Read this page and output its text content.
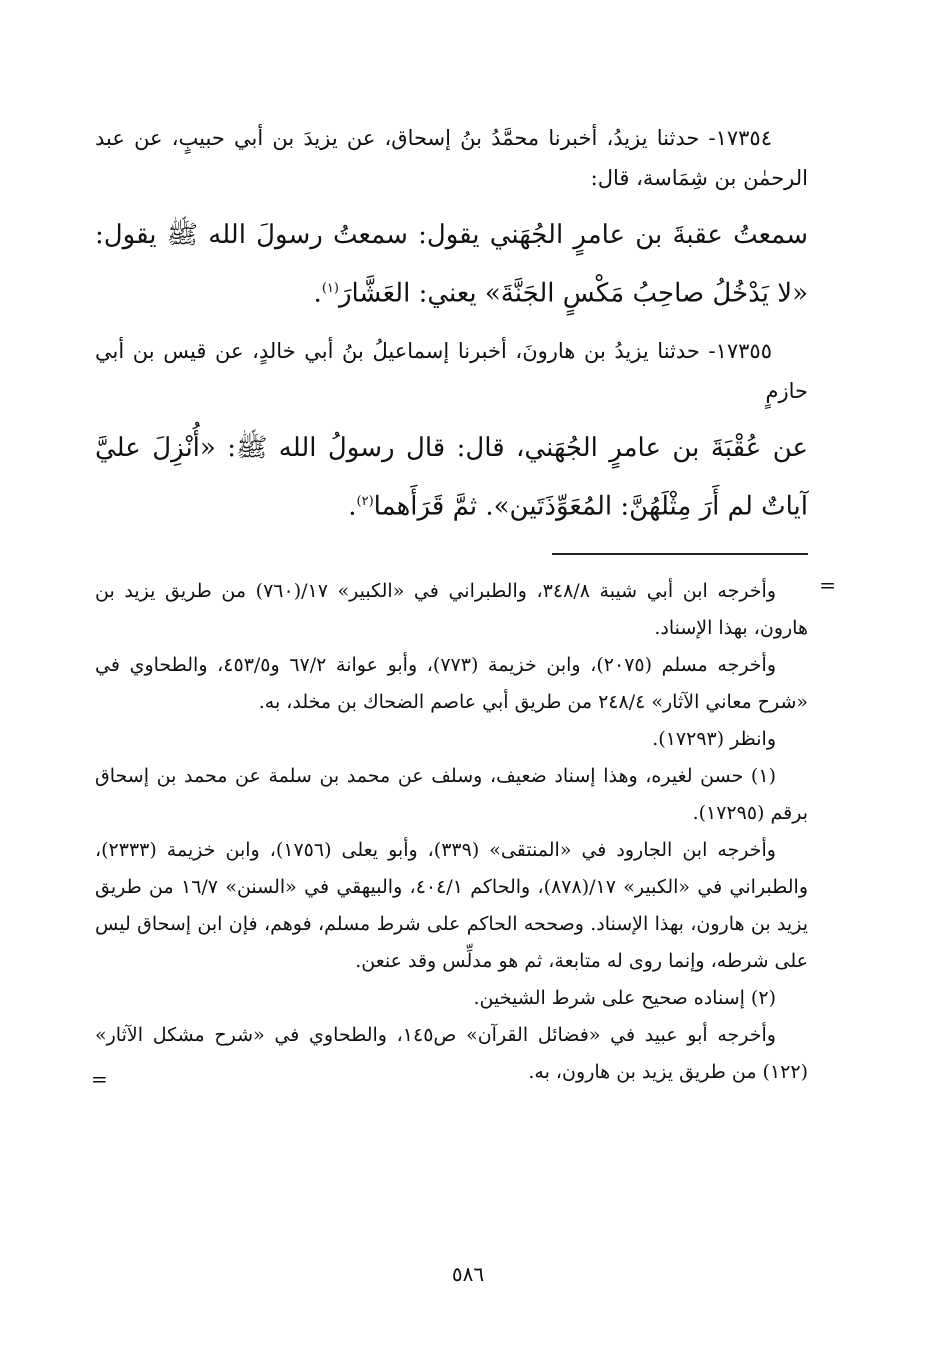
١٧٣٥٤- حدثنا يزيدُ، أخبرنا محمَّدُ بنُ إسحاق، عن يزيدَ بن أبي حبيبٍ، عن عبد الرحمٰن بن شِمَاسة، قال:

سمعتُ عقبةَ بن عامرٍ الجُهَني يقول: سمعتُ رسولَ الله ﷺ يقول: «لا يَدْخُلُ صاحِبُ مَكْسٍ الجَنَّةَ» يعني: العَشَّارَ$^{(١)}$.

١٧٣٥٥- حدثنا يزيدُ بن هارونَ، أخبرنا إسماعيلُ بنُ أبي خالدٍ، عن قيس بن أبي حازمٍ

عن عُقْبَةَ بن عامرٍ الجُهَني، قال: قال رسولُ الله ﷺ: «أُنْزِلَ عليَّ آياتٌ لم أَرَ مِثْلَهُنَّ: المُعَوِّذَتَين». ثمَّ قَرَأَهما$^{(٢)}$.

=

وأخرجه ابن أبي شيبة ٣٤٨/٨، والطبراني في «الكبير» ١٧/(٧٦٠) من طريق يزيد بن هارون، بهذا الإسناد.

وأخرجه مسلم (٢٠٧٥)، وابن خزيمة (٧٧٣)، وأبو عوانة ٦٧/٢ و٤٥٣/٥، والطحاوي في «شرح معاني الآثار» ٢٤٨/٤ من طريق أبي عاصم الضحاك بن مخلد، به.

وانظر (١٧٢٩٣).

(١) حسن لغيره، وهذا إسناد ضعيف، وسلف عن محمد بن سلمة عن محمد بن إسحاق برقم (١٧٢٩٥).

وأخرجه ابن الجارود في «المنتقى» (٣٣٩)، وأبو يعلى (١٧٥٦)، وابن خزيمة (٢٣٣٣)، والطبراني في «الكبير» ١٧/(٨٧٨)، والحاكم ٤٠٤/١، والبيهقي في «السنن» ١٦/٧ من طريق يزيد بن هارون، بهذا الإسناد. وصححه الحاكم على شرط مسلم، فوهم، فإن ابن إسحاق ليس على شرطه، وإنما روى له متابعة، ثم هو مدلِّس وقد عنعن.

(٢) إسناده صحيح على شرط الشيخين.

وأخرجه أبو عبيد في «فضائل القرآن» ص١٤٥، والطحاوي في «شرح مشكل الآثار» (١٢٢) من طريق يزيد بن هارون، به.

=
٥٨٦
